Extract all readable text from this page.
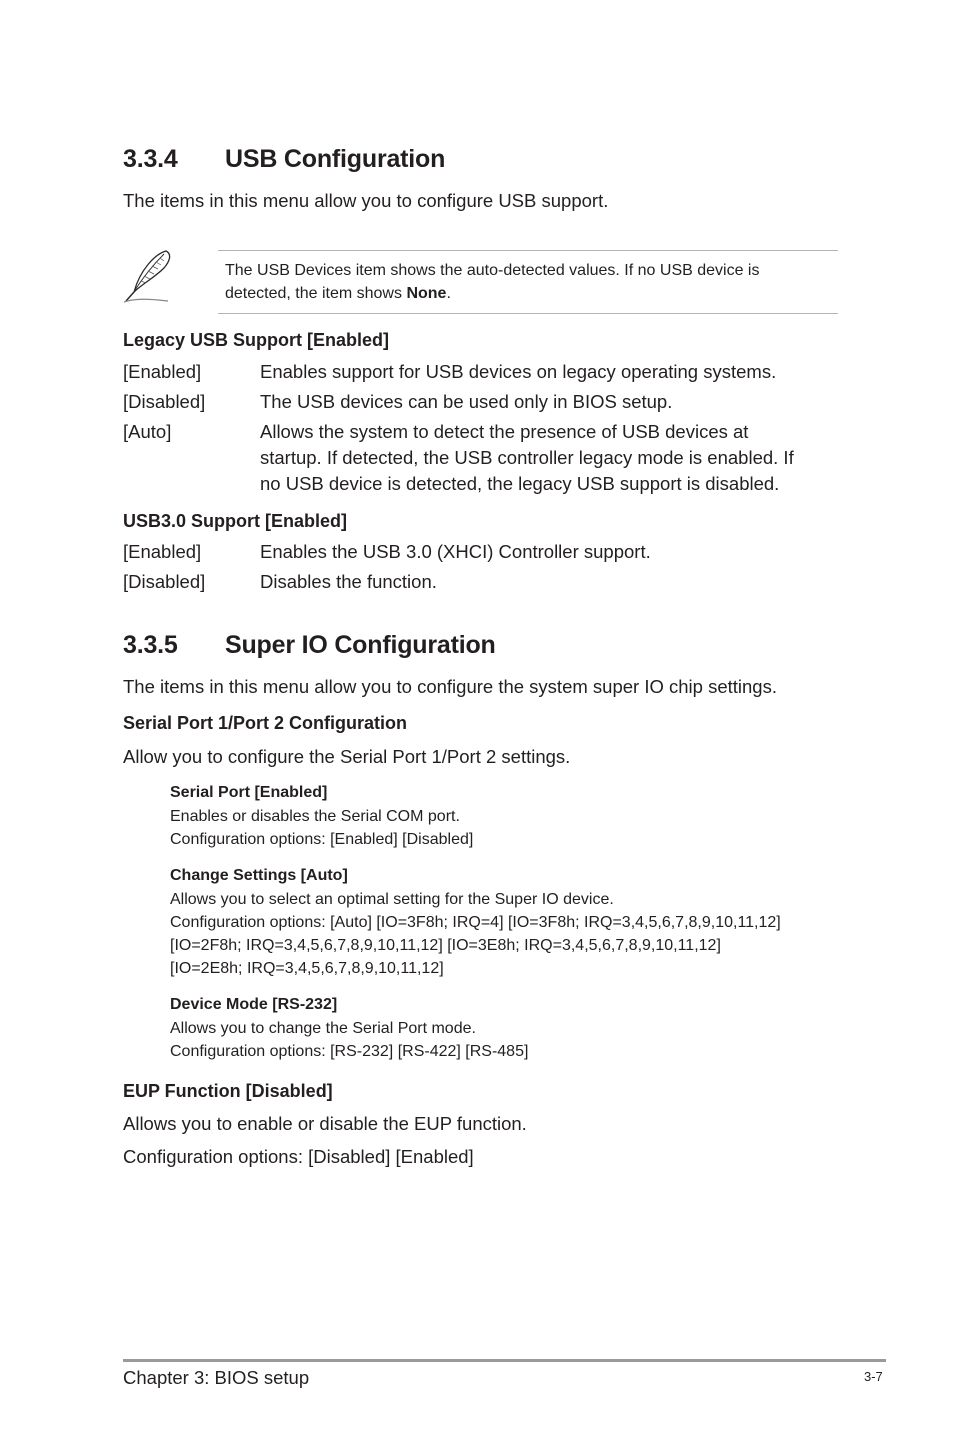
3.3.4 USB Configuration
The items in this menu allow you to configure USB support.
The USB Devices item shows the auto-detected values. If no USB device is
detected, the item shows None.
Legacy USB Support [Enabled]
[Enabled]	Enables support for USB devices on legacy operating systems.
[Disabled]	The USB devices can be used only in BIOS setup.
[Auto]	Allows the system to detect the presence of USB devices at
startup. If detected, the USB controller legacy mode is enabled. If
no USB device is detected, the legacy USB support is disabled.
USB3.0 Support [Enabled]
[Enabled]	Enables the USB 3.0 (XHCI) Controller support.
[Disabled]	Disables the function.
3.3.5 Super IO Configuration
The items in this menu allow you to configure the system super IO chip settings.
Serial Port 1/Port 2 Configuration
Allow you to configure the Serial Port 1/Port 2 settings.
Serial Port [Enabled]
Enables or disables the Serial COM port.
Configuration options: [Enabled] [Disabled]
Change Settings [Auto]
Allows you to select an optimal setting for the Super IO device.
Configuration options: [Auto] [IO=3F8h; IRQ=4] [IO=3F8h; IRQ=3,4,5,6,7,8,9,10,11,12]
[IO=2F8h; IRQ=3,4,5,6,7,8,9,10,11,12] [IO=3E8h; IRQ=3,4,5,6,7,8,9,10,11,12]
[IO=2E8h; IRQ=3,4,5,6,7,8,9,10,11,12]
Device Mode [RS-232]
Allows you to change the Serial Port mode.
Configuration options: [RS-232] [RS-422] [RS-485]
EUP Function [Disabled]
Allows you to enable or disable the EUP function.
Configuration options: [Disabled] [Enabled]
Chapter 3: BIOS setup	3-7
